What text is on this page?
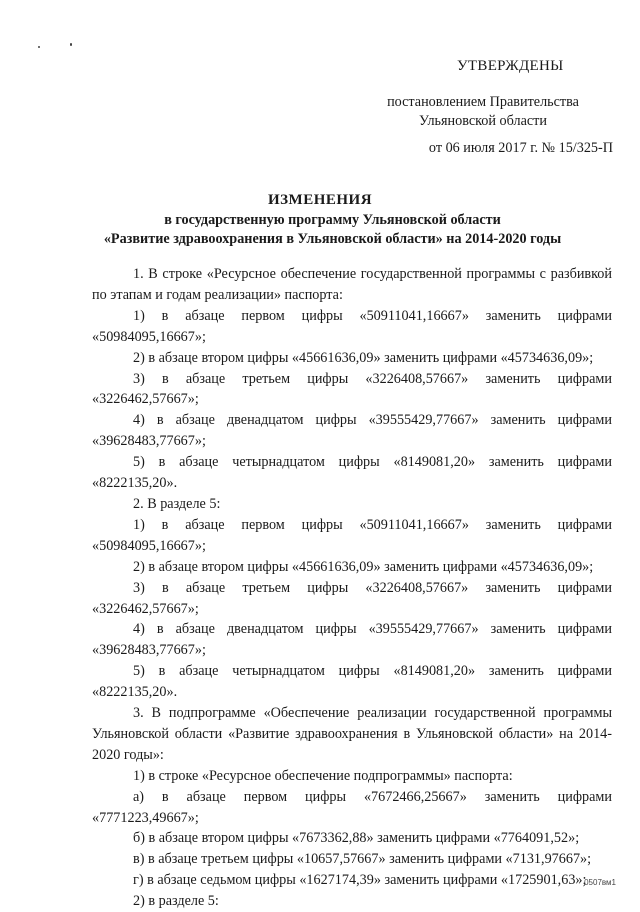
УТВЕРЖДЕНЫ
постановлением Правительства
Ульяновской области
от 06 июля 2017 г. № 15/325-П
ИЗМЕНЕНИЯ
в государственную программу Ульяновской области
«Развитие здравоохранения в Ульяновской области» на 2014-2020 годы

1. В строке «Ресурсное обеспечение государственной программы с разбивкой по этапам и годам реализации» паспорта:

1) в абзаце первом цифры «50911041,16667» заменить цифрами «50984095,16667»;

2) в абзаце втором цифры «45661636,09» заменить цифрами «45734636,09»;

3) в абзаце третьем цифры «3226408,57667» заменить цифрами «3226462,57667»;

4) в абзаце двенадцатом цифры «39555429,77667» заменить цифрами «39628483,77667»;

5) в абзаце четырнадцатом цифры «8149081,20» заменить цифрами «8222135,20».

2. В разделе 5:

1) в абзаце первом цифры «50911041,16667» заменить цифрами «50984095,16667»;

2) в абзаце втором цифры «45661636,09» заменить цифрами «45734636,09»;

3) в абзаце третьем цифры «3226408,57667» заменить цифрами «3226462,57667»;

4) в абзаце двенадцатом цифры «39555429,77667» заменить цифрами «39628483,77667»;

5) в абзаце четырнадцатом цифры «8149081,20» заменить цифрами «8222135,20».

3. В подпрограмме «Обеспечение реализации государственной программы Ульяновской области «Развитие здравоохранения в Ульяновской области» на 2014-2020 годы»:

1) в строке «Ресурсное обеспечение подпрограммы» паспорта:

а) в абзаце первом цифры «7672466,25667» заменить цифрами «7771223,49667»;

б) в абзаце втором цифры «7673362,88» заменить цифрами «7764091,52»;

в) в абзаце третьем цифры «10657,57667» заменить цифрами «7131,97667»;

г) в абзаце седьмом цифры «1627174,39» заменить цифрами «1725901,63»;

2) в разделе 5:

0507вм1
